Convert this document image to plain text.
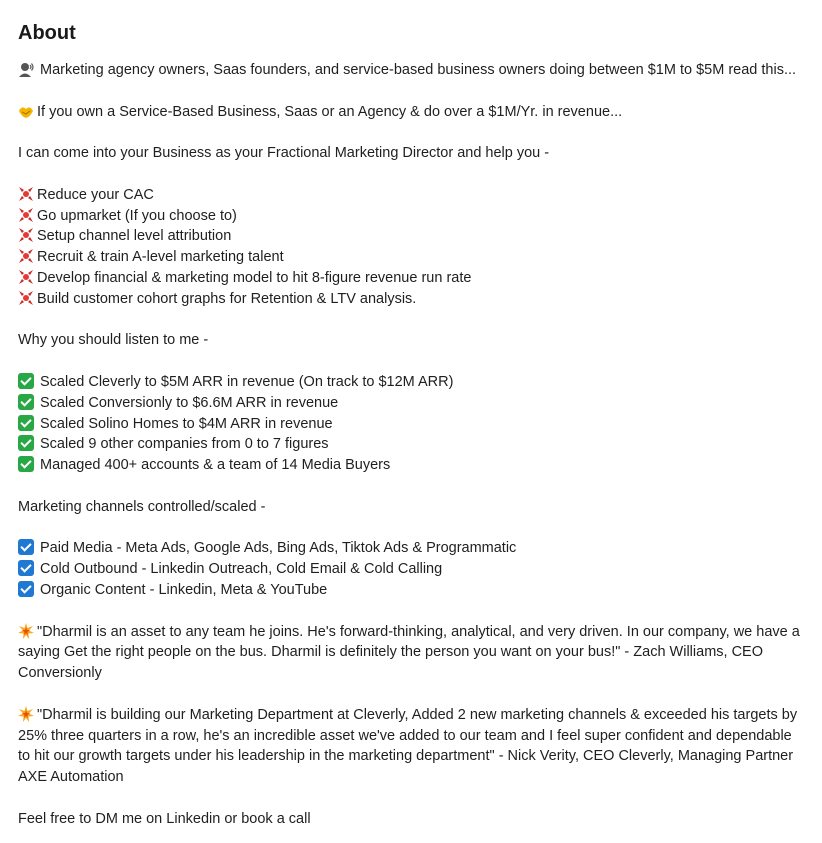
About
Marketing agency owners, Saas founders, and service-based business owners doing between $1M to $5M read this...
If you own a Service-Based Business, Saas or an Agency & do over a $1M/Yr. in revenue...
I can come into your Business as your Fractional Marketing Director and help you -
Reduce your CAC
Go upmarket (If you choose to)
Setup channel level attribution
Recruit & train A-level marketing talent
Develop financial & marketing model to hit 8-figure revenue run rate
Build customer cohort graphs for Retention & LTV analysis.
Why you should listen to me -
Scaled Cleverly to $5M ARR in revenue (On track to $12M ARR)
Scaled Conversionly to $6.6M ARR in revenue
Scaled Solino Homes to $4M ARR in revenue
Scaled 9 other companies from 0 to 7 figures
Managed 400+ accounts & a team of 14 Media Buyers
Marketing channels controlled/scaled -
Paid Media - Meta Ads, Google Ads, Bing Ads, Tiktok Ads & Programmatic
Cold Outbound - Linkedin Outreach, Cold Email & Cold Calling
Organic Content - Linkedin, Meta & YouTube
"Dharmil is an asset to any team he joins. He's forward-thinking, analytical, and very driven. In our company, we have a saying Get the right people on the bus. Dharmil is definitely the person you want on your bus!" - Zach Williams, CEO Conversionly
"Dharmil is building our Marketing Department at Cleverly, Added 2 new marketing channels & exceeded his targets by 25% three quarters in a row, he's an incredible asset we've added to our team and I feel super confident and dependable to hit our growth targets under his leadership in the marketing department" - Nick Verity, CEO Cleverly, Managing Partner AXE Automation
Feel free to DM me on Linkedin or book a call
